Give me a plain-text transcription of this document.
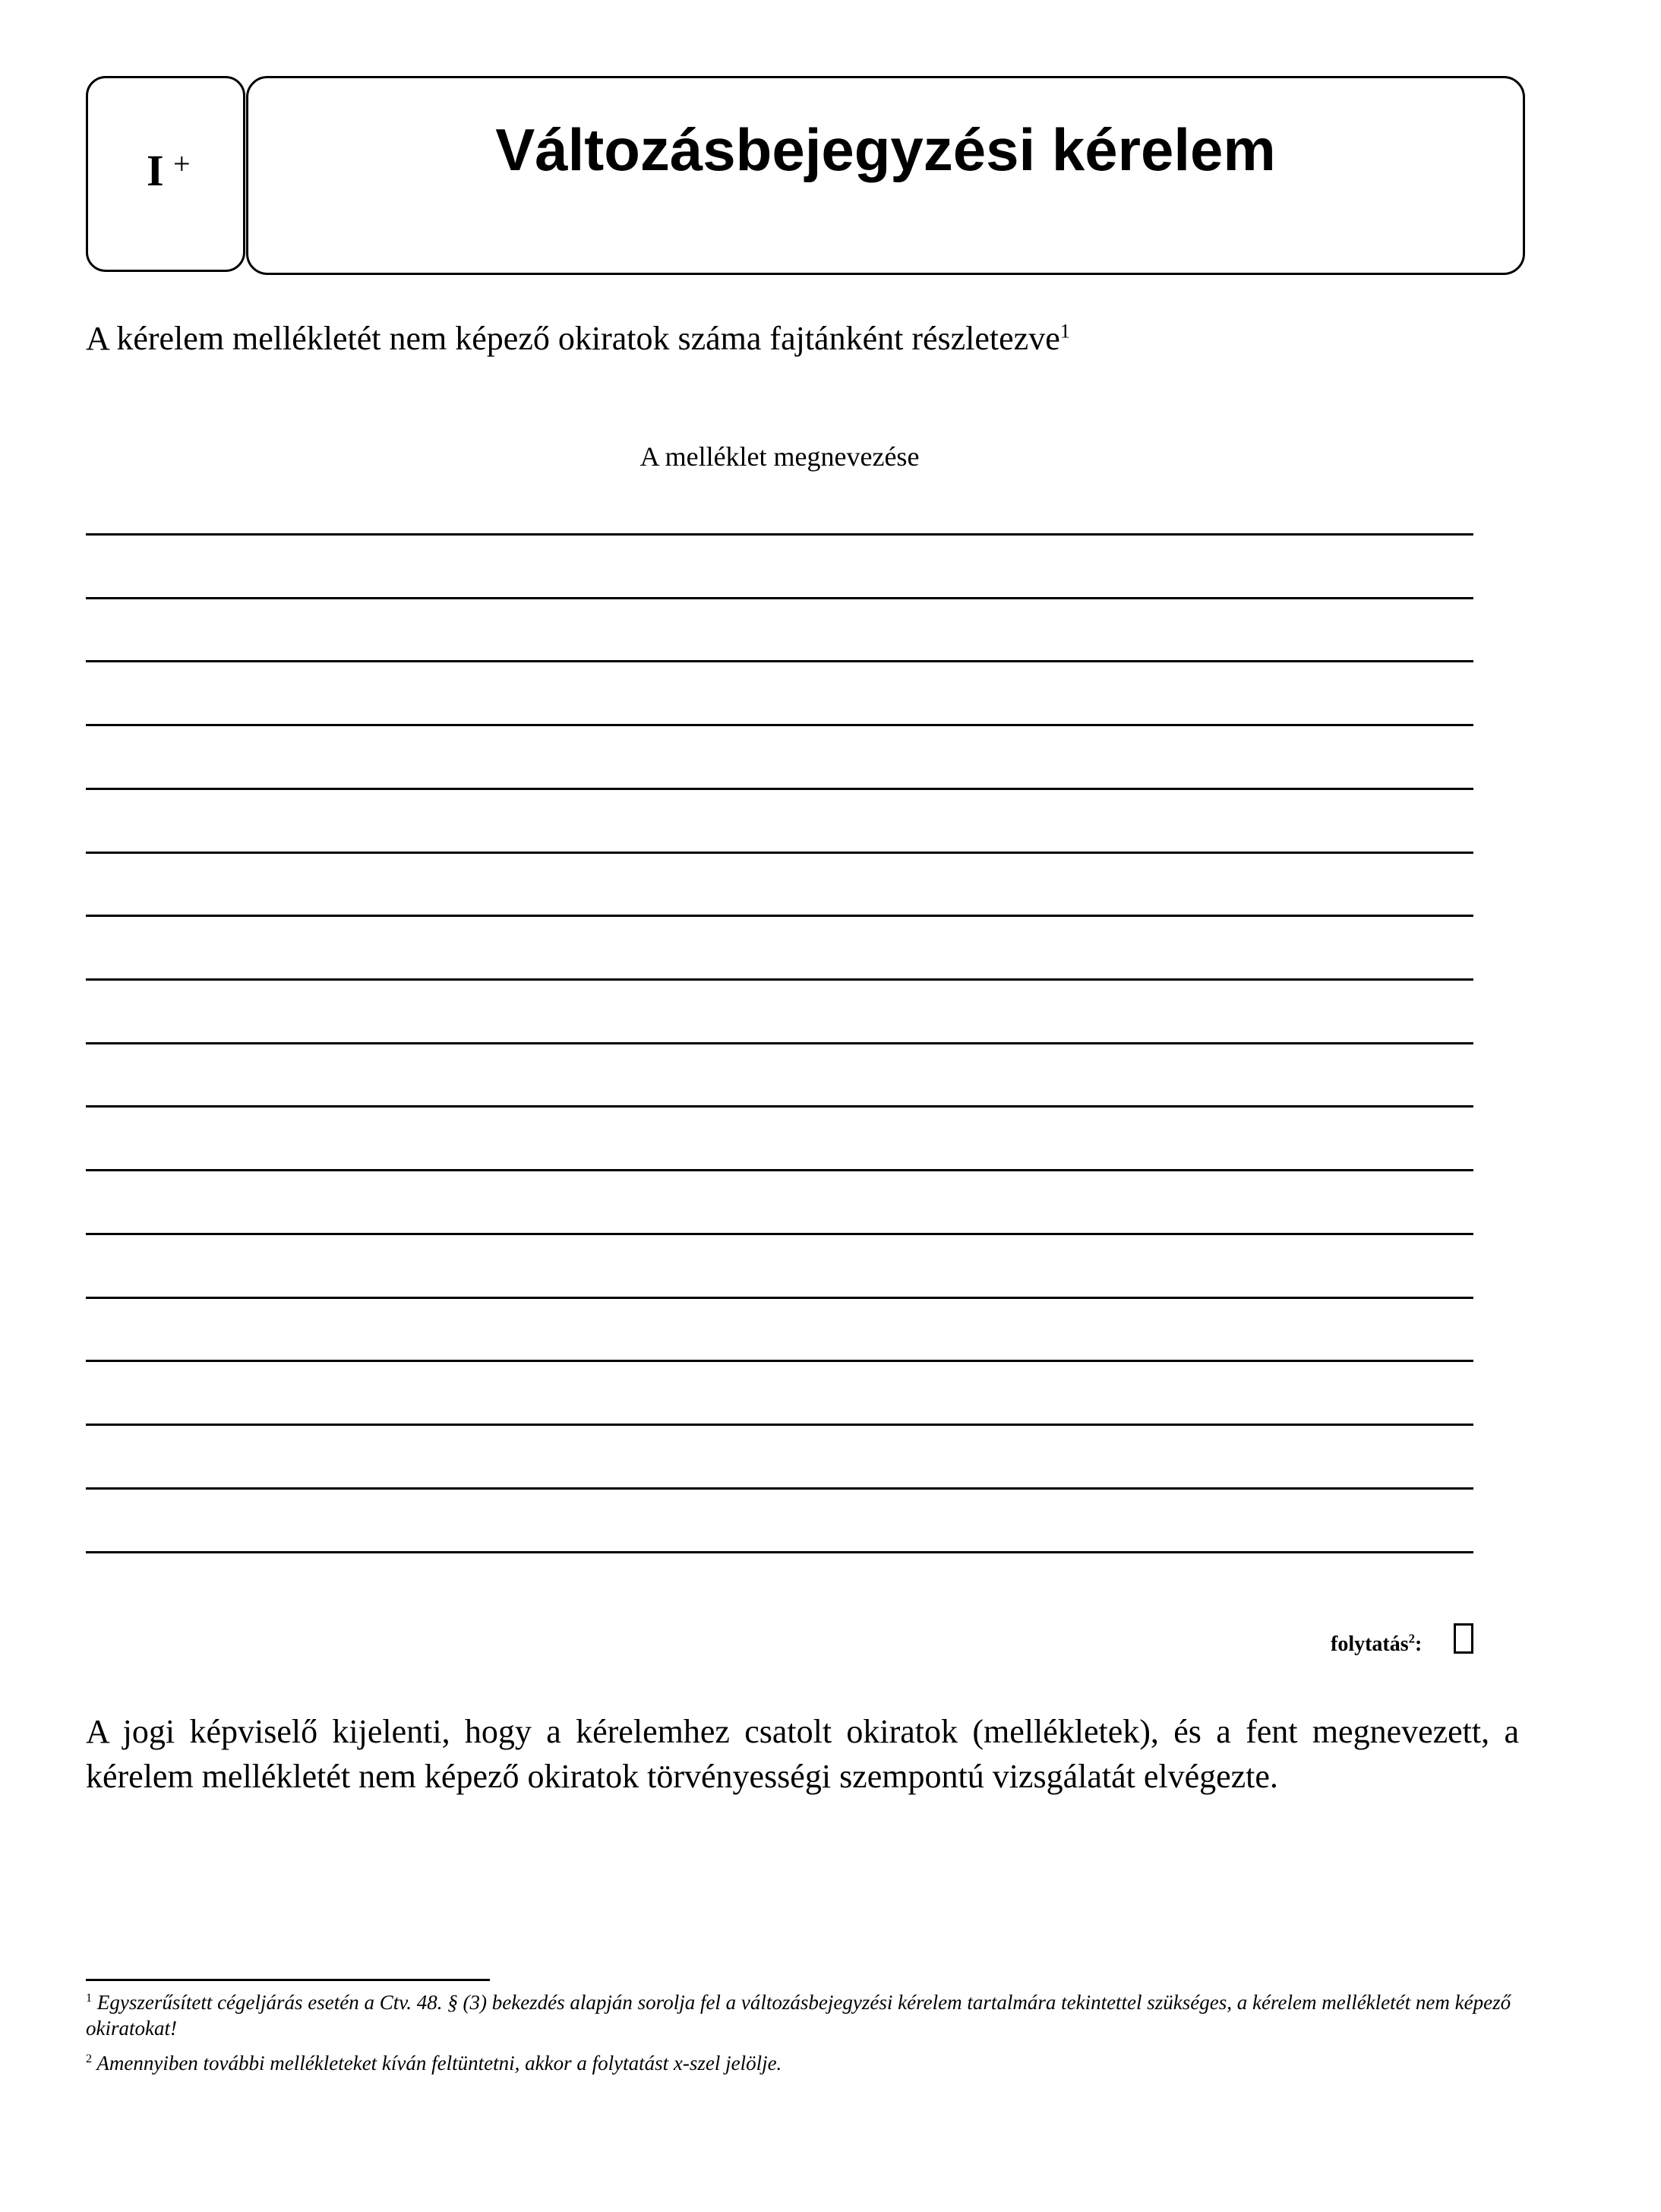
I +	Változásbejegyzési kérelem
A kérelem mellékletét nem képező okiratok száma fajtánként részletezve$^1$
A melléklet megnevezése
folytatás$^2$:
A jogi képviselő kijelenti, hogy a kérelemhez csatolt okiratok (mellékletek), és a fent megnevezett, a kérelem mellékletét nem képező okiratok törvényességi szempontú vizsgálatát elvégezte.
$^1$ Egyszerűsített cégeljárás esetén a Ctv. 48. § (3) bekezdés alapján sorolja fel a változásbejegyzési kérelem tartalmára tekintettel szükséges, a kérelem mellékletét nem képező okiratokat!
$^2$ Amennyiben további mellékleteket kíván feltüntetni, akkor a folytatást x-szel jelölje.
